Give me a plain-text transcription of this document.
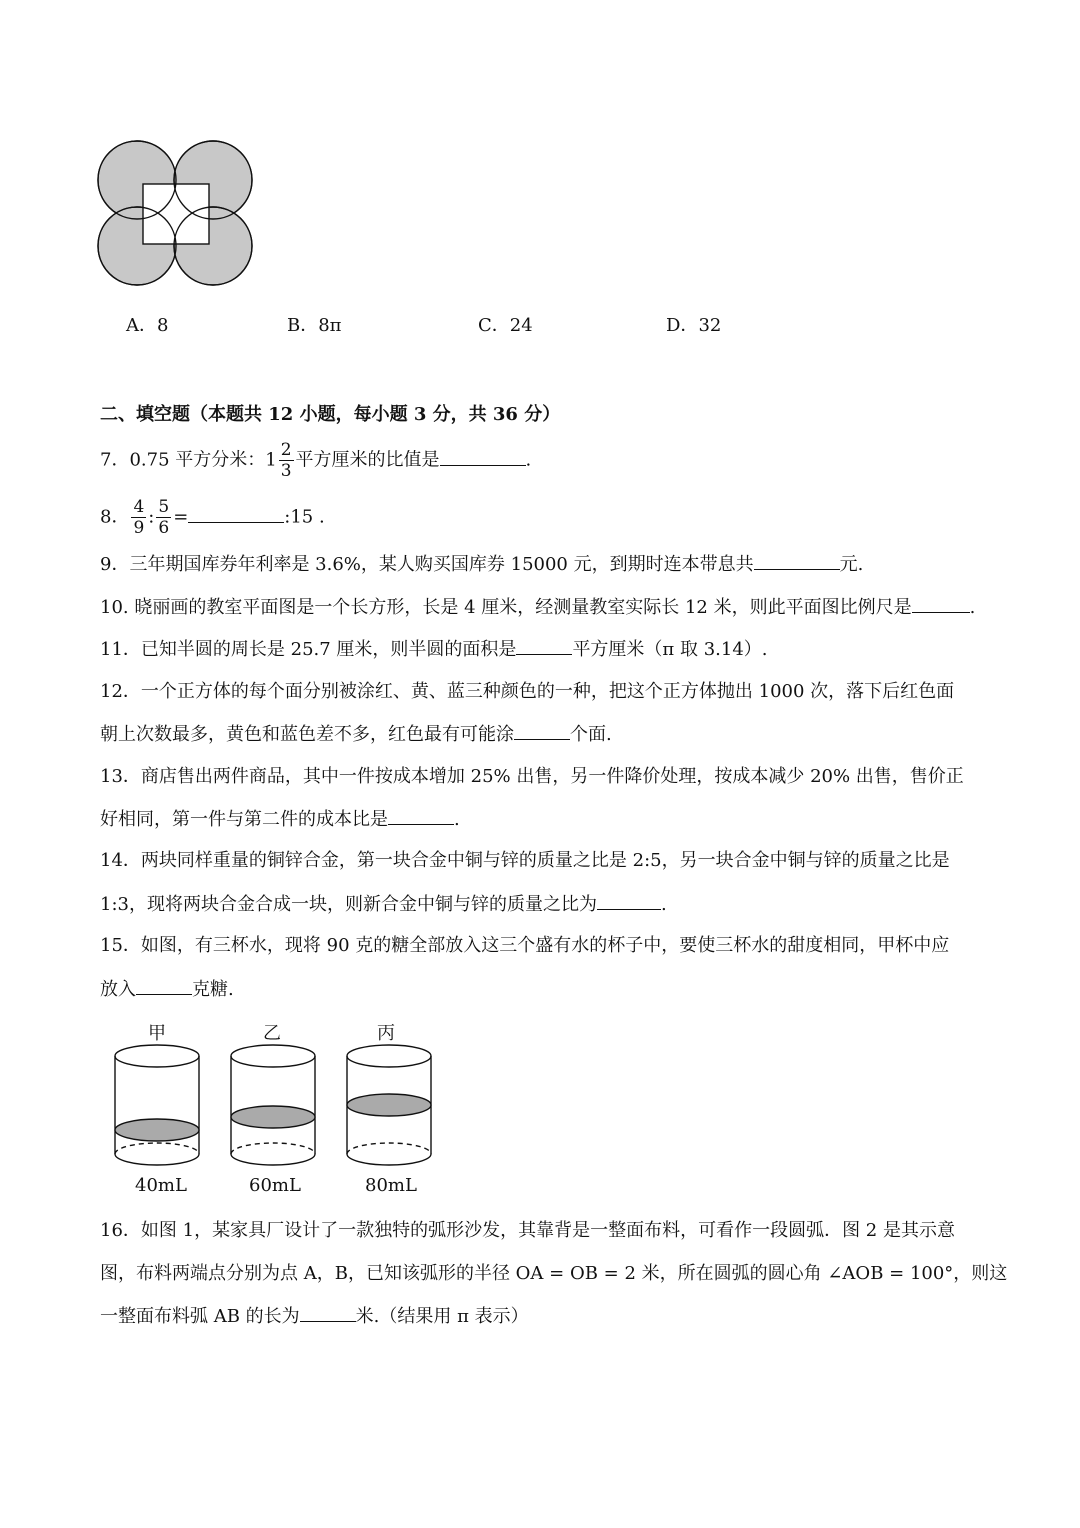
A．8	B．8π	C．24	D．32
二、填空题（本题共 12 小题，每小题 3 分，共 36 分）
7．0.75 平方分米：$1 \frac{2}{3}$ 平方厘米的比值是	.
8． $\frac{4}{9}$ : $\frac{5}{6}$ =	:15 .
9．三年期国库券年利率是 3.6%，某人购买国库券 15000 元，到期时连本带息共	元.
10. 晓丽画的教室平面图是一个长方形，长是 4 厘米，经测量教室实际长 12 米，则此平面图比例尺是	.
11．已知半圆的周长是 25.7 厘米，则半圆的面积是	平方厘米（π 取 3.14）.
12．一个正方体的每个面分别被涂红、黄、蓝三种颜色的一种，把这个正方体抛出 1000 次，落下后红色面
朝上次数最多，黄色和蓝色差不多，红色最有可能涂	个面.
13．商店售出两件商品，其中一件按成本增加 25% 出售，另一件降价处理，按成本减少 20% 出售，售价正
好相同，第一件与第二件的成本比是	.
14．两块同样重量的铜锌合金，第一块合金中铜与锌的质量之比是 2:5，另一块合金中铜与锌的质量之比是
1:3，现将两块合金合成一块，则新合金中铜与锌的质量之比为	.
15．如图，有三杯水，现将 90 克的糖全部放入这三个盛有水的杯子中，要使三杯水的甜度相同，甲杯中应
放入	克糖.
甲	乙	丙
40mL	60mL	80mL
16．如图 1，某家具厂设计了一款独特的弧形沙发，其靠背是一整面布料，可看作一段圆弧．图 2 是其示意
图，布料两端点分别为点 A，B，已知该弧形的半径 OA = OB = 2 米，所在圆弧的圆心角 ∠AOB = 100°，则这
一整面布料弧 AB 的长为	米.（结果用 π 表示）
